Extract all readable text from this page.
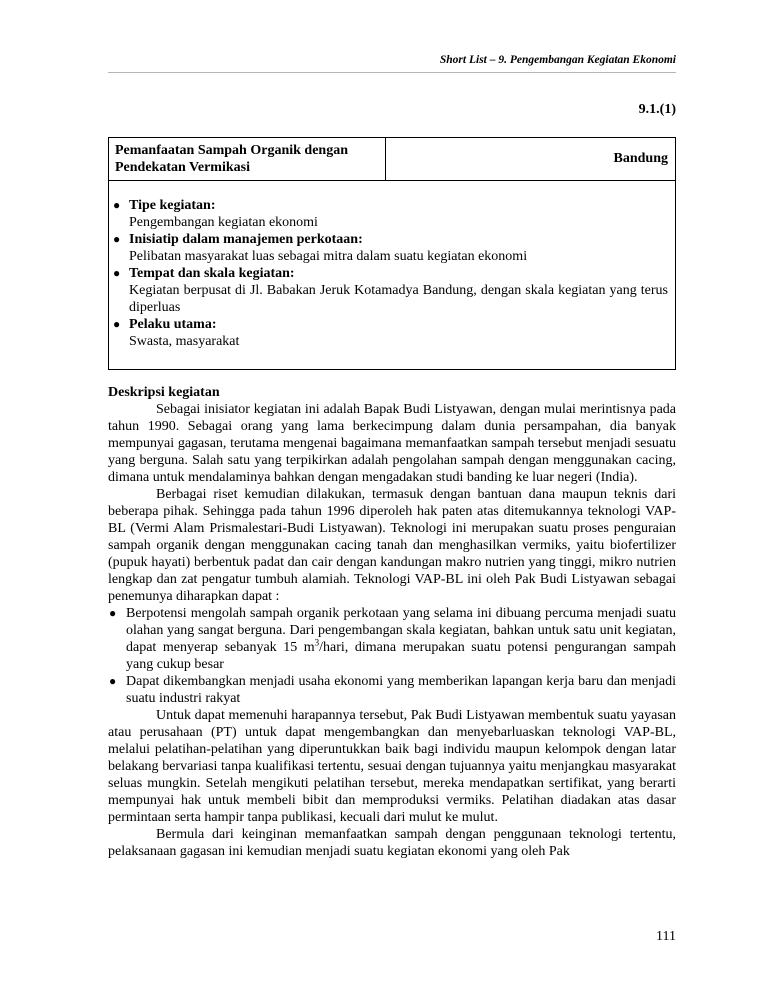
Short List – 9. Pengembangan Kegiatan Ekonomi
9.1.(1)
Pemanfaatan Sampah Organik dengan Pendekatan Vermikasi
Bandung
● Tipe kegiatan:
Pengembangan kegiatan ekonomi
● Inisiatip dalam manajemen perkotaan:
Pelibatan masyarakat luas sebagai mitra dalam suatu kegiatan ekonomi
● Tempat dan skala kegiatan:
Kegiatan berpusat di Jl. Babakan Jeruk Kotamadya Bandung, dengan skala kegiatan yang terus diperluas
● Pelaku utama:
Swasta, masyarakat
Deskripsi kegiatan

Sebagai inisiator kegiatan ini adalah Bapak Budi Listyawan, dengan mulai merintisnya pada tahun 1990. Sebagai orang yang lama berkecimpung dalam dunia persampahan, dia banyak mempunyai gagasan, terutama mengenai bagaimana memanfaatkan sampah tersebut menjadi sesuatu yang berguna. Salah satu yang terpikirkan adalah pengolahan sampah dengan menggunakan cacing, dimana untuk mendalaminya bahkan dengan mengadakan studi banding ke luar negeri (India).

Berbagai riset kemudian dilakukan, termasuk dengan bantuan dana maupun teknis dari beberapa pihak. Sehingga pada tahun 1996 diperoleh hak paten atas ditemukannya teknologi VAP-BL (Vermi Alam Prismalestari-Budi Listyawan). Teknologi ini merupakan suatu proses penguraian sampah organik dengan menggunakan cacing tanah dan menghasilkan vermiks, yaitu biofertilizer (pupuk hayati) berbentuk padat dan cair dengan kandungan makro nutrien yang tinggi, mikro nutrien lengkap dan zat pengatur tumbuh alamiah. Teknologi VAP-BL ini oleh Pak Budi Listyawan sebagai penemunya diharapkan dapat :

● Berpotensi mengolah sampah organik perkotaan yang selama ini dibuang percuma menjadi suatu olahan yang sangat berguna. Dari pengembangan skala kegiatan, bahkan untuk satu unit kegiatan, dapat menyerap sebanyak 15 $m^3$/hari, dimana merupakan suatu potensi pengurangan sampah yang cukup besar
● Dapat dikembangkan menjadi usaha ekonomi yang memberikan lapangan kerja baru dan menjadi suatu industri rakyat

Untuk dapat memenuhi harapannya tersebut, Pak Budi Listyawan membentuk suatu yayasan atau perusahaan (PT) untuk dapat mengembangkan dan menyebarluaskan teknologi VAP-BL, melalui pelatihan-pelatihan yang diperuntukkan baik bagi individu maupun kelompok dengan latar belakang bervariasi tanpa kualifikasi tertentu, sesuai dengan tujuannya yaitu menjangkau masyarakat seluas mungkin. Setelah mengikuti pelatihan tersebut, mereka mendapatkan sertifikat, yang berarti mempunyai hak untuk membeli bibit dan memproduksi vermiks. Pelatihan diadakan atas dasar permintaan serta hampir tanpa publikasi, kecuali dari mulut ke mulut.

Bermula dari keinginan memanfaatkan sampah dengan penggunaan teknologi tertentu, pelaksanaan gagasan ini kemudian menjadi suatu kegiatan ekonomi yang oleh Pak

111
